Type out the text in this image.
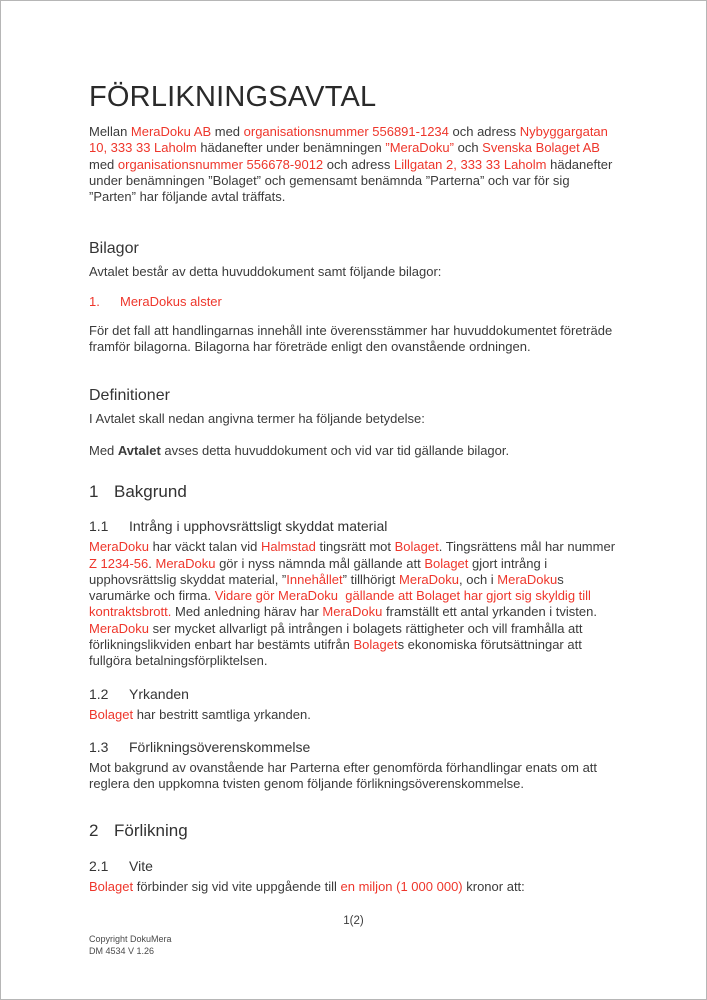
FÖRLIKNINGSAVTAL

Mellan MeraDoku AB med organisationsnummer 556891-1234 och adress Nybyggargatan 10, 333 33 Laholm hädanefter under benämningen ”MeraDoku” och Svenska Bolaget AB med organisationsnummer 556678-9012 och adress Lillgatan 2, 333 33 Laholm hädanefter under benämningen ”Bolaget” och gemensamt benämnda ”Parterna” och var för sig ”Parten” har följande avtal träffats.

Bilagor

Avtalet består av detta huvuddokument samt följande bilagor:

1.	MeraDokus alster

För det fall att handlingarnas innehåll inte överensstämmer har huvuddokumentet företräde framför bilagorna. Bilagorna har företräde enligt den ovanstående ordningen.

Definitioner

I Avtalet skall nedan angivna termer ha följande betydelse:

Med Avtalet avses detta huvuddokument och vid var tid gällande bilagor.

1 Bakgrund
1.1	Intrång i upphovsrättsligt skyddat material

MeraDoku har väckt talan vid Halmstad tingsrätt mot Bolaget. Tingsrättens mål har nummer Z 1234-56. MeraDoku gör i nyss nämnda mål gällande att Bolaget gjort intrång i upphovsrättslig skyddat material, ”Innehållet” tillhörigt MeraDoku, och i MeraDokus varumärke och firma. Vidare gör MeraDoku  gällande att Bolaget har gjort sig skyldig till kontraktsbrott. Med anledning härav har MeraDoku framställt ett antal yrkanden i tvisten. MeraDoku ser mycket allvarligt på intrången i bolagets rättigheter och vill framhålla att förlikningslikviden enbart har bestämts utifrån Bolagets ekonomiska förutsättningar att fullgöra betalningsförpliktelsen.

1.2	Yrkanden

Bolaget har bestritt samtliga yrkanden.

1.3	Förlikningsöverenskommelse

Mot bakgrund av ovanstående har Parterna efter genomförda förhandlingar enats om att reglera den uppkomna tvisten genom följande förlikningsöverenskommelse.

2 Förlikning
2.1	Vite

Bolaget förbinder sig vid vite uppgående till en miljon (1 000 000) kronor att:

1(2)
Copyright DokuMera
DM 4534 V 1.26
